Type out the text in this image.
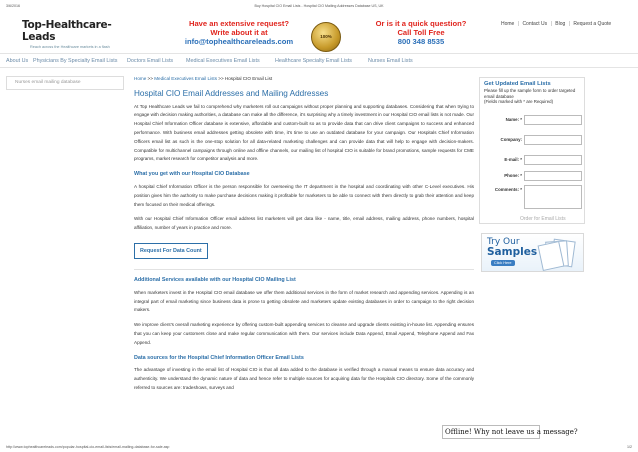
3/6/2016	Buy Hospital CIO Email Lists - Hospital CIO Mailing Addresses Database US, UK
Top-Healthcare-Leads
Reach across the Healthcare markets in a flash
Have an extensive request?
Write about it at
info@tophealthcareleads.com
100%
Or is it a quick question?
Call Toll Free
800 348 8535
Home | Contact Us | Blog | Request a Quote
About Us Physicians By Specialty Email Lists Doctors Email Lists Medical Executives Email Lists	Healthcare Specialty Email Lists	Nurses Email Lists
Nurses email mailing database
Home >> Medical Executives Email Lists >> Hospital CIO Email List
Hospital CIO Email Addresses and Mailing Addresses

At Top Healthcare Leads we fail to comprehend why marketers roll out campaigns without proper planning and supporting databases. Considering that when trying to engage with decision making authorities, a database can make all the difference, it's surprising why a timely investment in our Hospital CIO email lists is not made. Our Hospital Chief Information Officer database is extensive, affordable and custom-built so as to provide data that can drive client campaigns to success and enhanced performance. With business email addresses getting obsolete with time, it's time to use an outdated database for your campaign. Our Hospitals Chief Information Officers email list as such is the one-stop solution for all data-related marketing challenges and can provide data that will help to engage with decision-makers. Compatible for multichannel campaigns through online and offline channels, our mailing list of hospital CIO is suitable for brand promotions, sample requests for CME programs, market research for competitor analysis and more.

What you get with our Hospital CIO Database

A hospital Chief Information Officer is the person responsible for overseeing the IT department in the hospital and coordinating with other C-Level executives. His position gives him the authority to make purchase decisions making it profitable for marketers to be able to connect with them directly to grab their attention and keep them focused on their medical offerings.

With our Hospital Chief Information Officer email address list marketers will get data like - name, title, email address, mailing address, phone numbers, hospital affiliation, number of years in practice and more.

Request For Data Count
Additional Services available with our Hospital CIO Mailing List

When marketers invest in the Hospital CIO email database we offer them additional services in the form of market research and appending services. Appending is an integral part of email marketing since business data is prone to getting obsolete and marketers update existing databases in order to campaign to the right decision makers.

We improve client's overall marketing experience by offering custom-built appending services to cleanse and upgrade clients existing in-house list. Appending ensures that you can keep your customers close and make regular communication with them. Our services include Data Append, Email Append, Telephone Append and Fax Append.

Data sources for the Hospital Chief Information Officer Email Lists

The advantage of investing in the email list of Hospital CIO is that all data added to the database is verified through a manual means to ensure data accuracy and authenticity. We understand the dynamic nature of data and hence refer to multiple sources for acquiring data for the Hospitals CIO directory. Some of the commonly referred to sources are: tradeshows, surveys and

Get Updated Email Lists
Please fill up the sample form to order targeted email database
(Fields marked with * are Required)
Name: *
Company:
E-mail: *
Phone: *
Comments: *
Order for Email Lists
Try Our
Samples
Click Here
Offline! Why not leave us a message?
http://www.tophealthcareleads.com/popular-hospital-cio-email-lists/email-mailing-database-for-sale.asp	1/2
